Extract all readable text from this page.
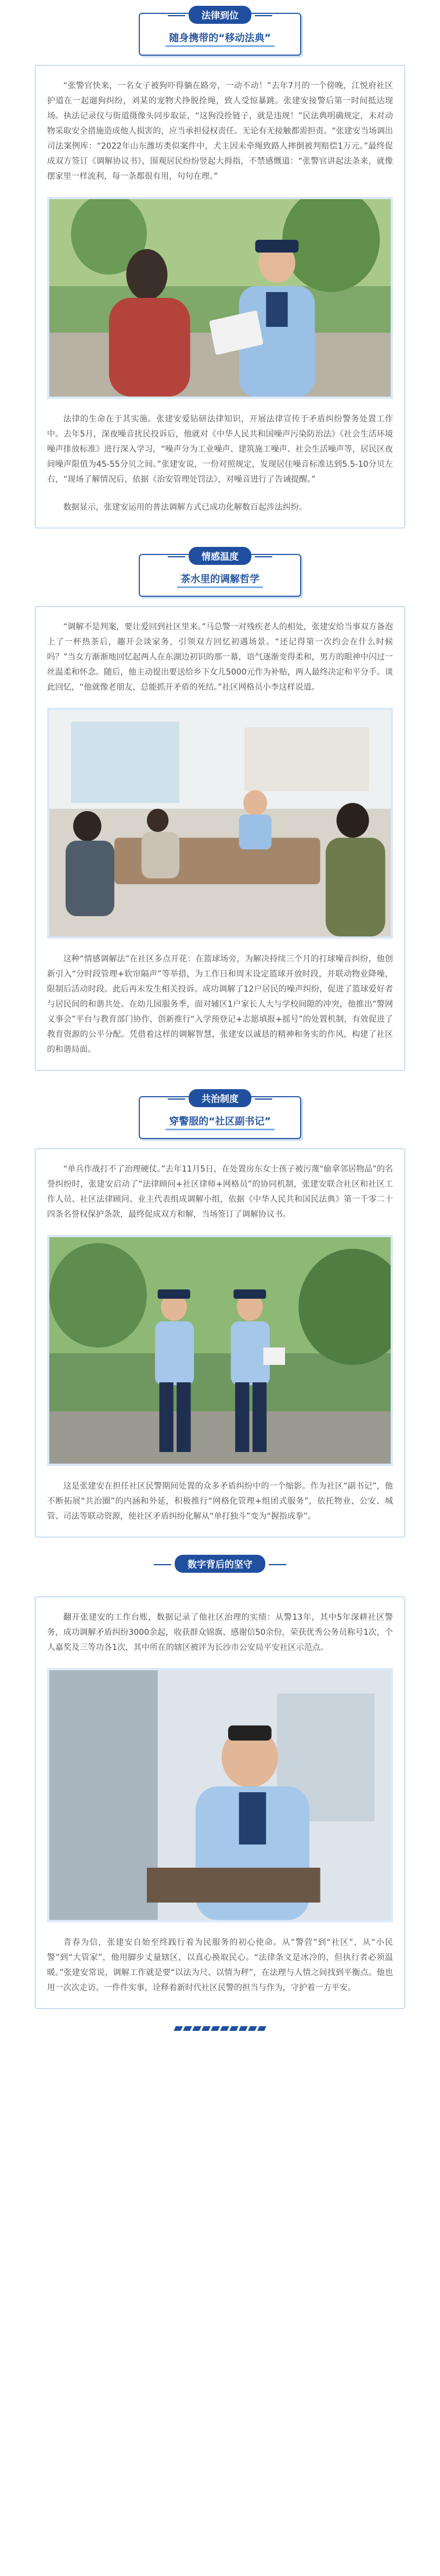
法律到位
随身携带的“移动法典”

“张警官快来，一名女子被狗吓得躺在路旁，一动不动！”去年7月的一个傍晚，江悦府社区护道在一起遛狗纠纷，刘某的宠物犬挣脱拴绳，致人受惊暴跳。张建安接警后第一时间抵达现场。执法记录仪与街道摄像头同步取证，“这狗没拴链子，就是违规！”民法典明确规定，未对动物采取安全措施造成他人损害的，应当承担侵权责任。无论有无接触都需担责。“张建安当场调出司法案例库：“2022年山东潍坊类似案件中，犬主因未牵绳致路人摔倒被判赔偿1万元。”最终促成双方签订《调解协议书》，围观居民纷纷竖起大拇指，不禁感慨道：“张警官讲起法条来，就像摆家里一样流利，每一条都很有用，句句在理。”

法律的生命在于其实施。张建安爱钻研法律知识，开展法律宣传于矛盾纠纷警务处置工作中。去年5月，深夜噪音扰民投诉后，他就对《中华人民共和国噪声污染防治法》《社会生活环境噪声排放标准》进行深入学习，“噪声分为工业噪声、建筑施工噪声、社会生活噪声等，居民区夜间噪声限值为45-55分贝之间。”张建安说，一份对照规定，发现居住噪音标准达到5.5-10分贝左右，“现场了解情况后，依据《治安管理处罚法》，对噪音进行了告诫提醒。”

数据显示，张建安运用的普法调解方式已成功化解数百起涉法纠纷。

情感温度
茶水里的调解哲学

“调解不是判案，要让爱回到社区里来。”马总警一对残疾老人的相处，张建安给当事双方备泡上了一杯热茶后，趣开会谈家务，引领双方回忆初遇场景。“还记得第一次约会在什么时候吗？”当女方渐渐地回忆起两人在东湖边初识的那一幕，语气逐渐变得柔和，男方的眼神中闪过一丝温柔和怀念。随后，他主动提出要送给乡下女儿5000元作为补贴，两人最终决定和平分手。谈此回忆，“他就像老朋友，总能抓开矛盾的死结。”社区网格员小李这样说道。

这种“情感调解法”在社区多点开花：在篮球场旁，为解决持续三个月的打球噪音纠纷，他创新引入“分时段管理+软帘隔声”等举措，为工作日和周末设定篮球开放时段，并联动物业降噪，限制后活动时段。此后再未发生相关投诉。成功调解了12户居民的噪声纠纷，促进了篮球爱好者与居民间的和谐共处。在幼儿园服务季，面对辅区1户家长人大与学校间隙的冲突，他推出“警网义事会”平台与教育部门协作，创新推行“入学预登记+志愿填报+摇号”的处置机制，有效促进了教育资源的公平分配。凭借着这样的调解智慧，张建安以诚恳的精神和务实的作风，构建了社区的和谐局面。

共治制度
穿警服的“社区副书记”

“单兵作战打不了治理硬仗。”去年11月5日，在处置房东女士孩子被污蔑“偷拿邻居物品”的名誉纠纷时，张建安启动了“法律顾问+社区律师+网格员”的协同机制，张建安联合社区和社区工作人员、社区法律顾问、业主代表组成调解小组，依据《中华人民共和国民法典》第一千零二十四条名誉权保护条款，最终促成双方和解，当场签订了调解协议书。

这是张建安在担任社区民警期间处置的众多矛盾纠纷中的一个缩影。作为社区“副书记”，他不断拓展“共治圈”的内涵和外延，积极推行“网格化管理+组团式服务”，依托物业、公安、城管、司法等联动资源，使社区矛盾纠纷化解从“单打独斗”变为“握指成拳”。

数字背后的坚守

翻开张建安的工作台账，数据记录了他社区治理的实绩：从警13年，其中5年深耕社区警务，成功调解矛盾纠纷3000余起，收获群众锦旗、感谢信50余份，荣获优秀公务员称号1次，个人嘉奖及三等功各1次，其中所在的辖区被评为长沙市公安局平安社区示范点。

青春为信，张建安自始至终践行着为民服务的初心使命。从“警营”到“社区”，从“小民警”到“大管家”，他用脚步丈量辖区，以真心换取民心。“法律条文是冰冷的，但执行者必须温暖。”张建安常说，调解工作就是要“以法为尺、以情为秤”，在法理与人情之间找到平衡点。他也用一次次走访、一件件实事，诠释着新时代社区民警的担当与作为，守护着一方平安。
